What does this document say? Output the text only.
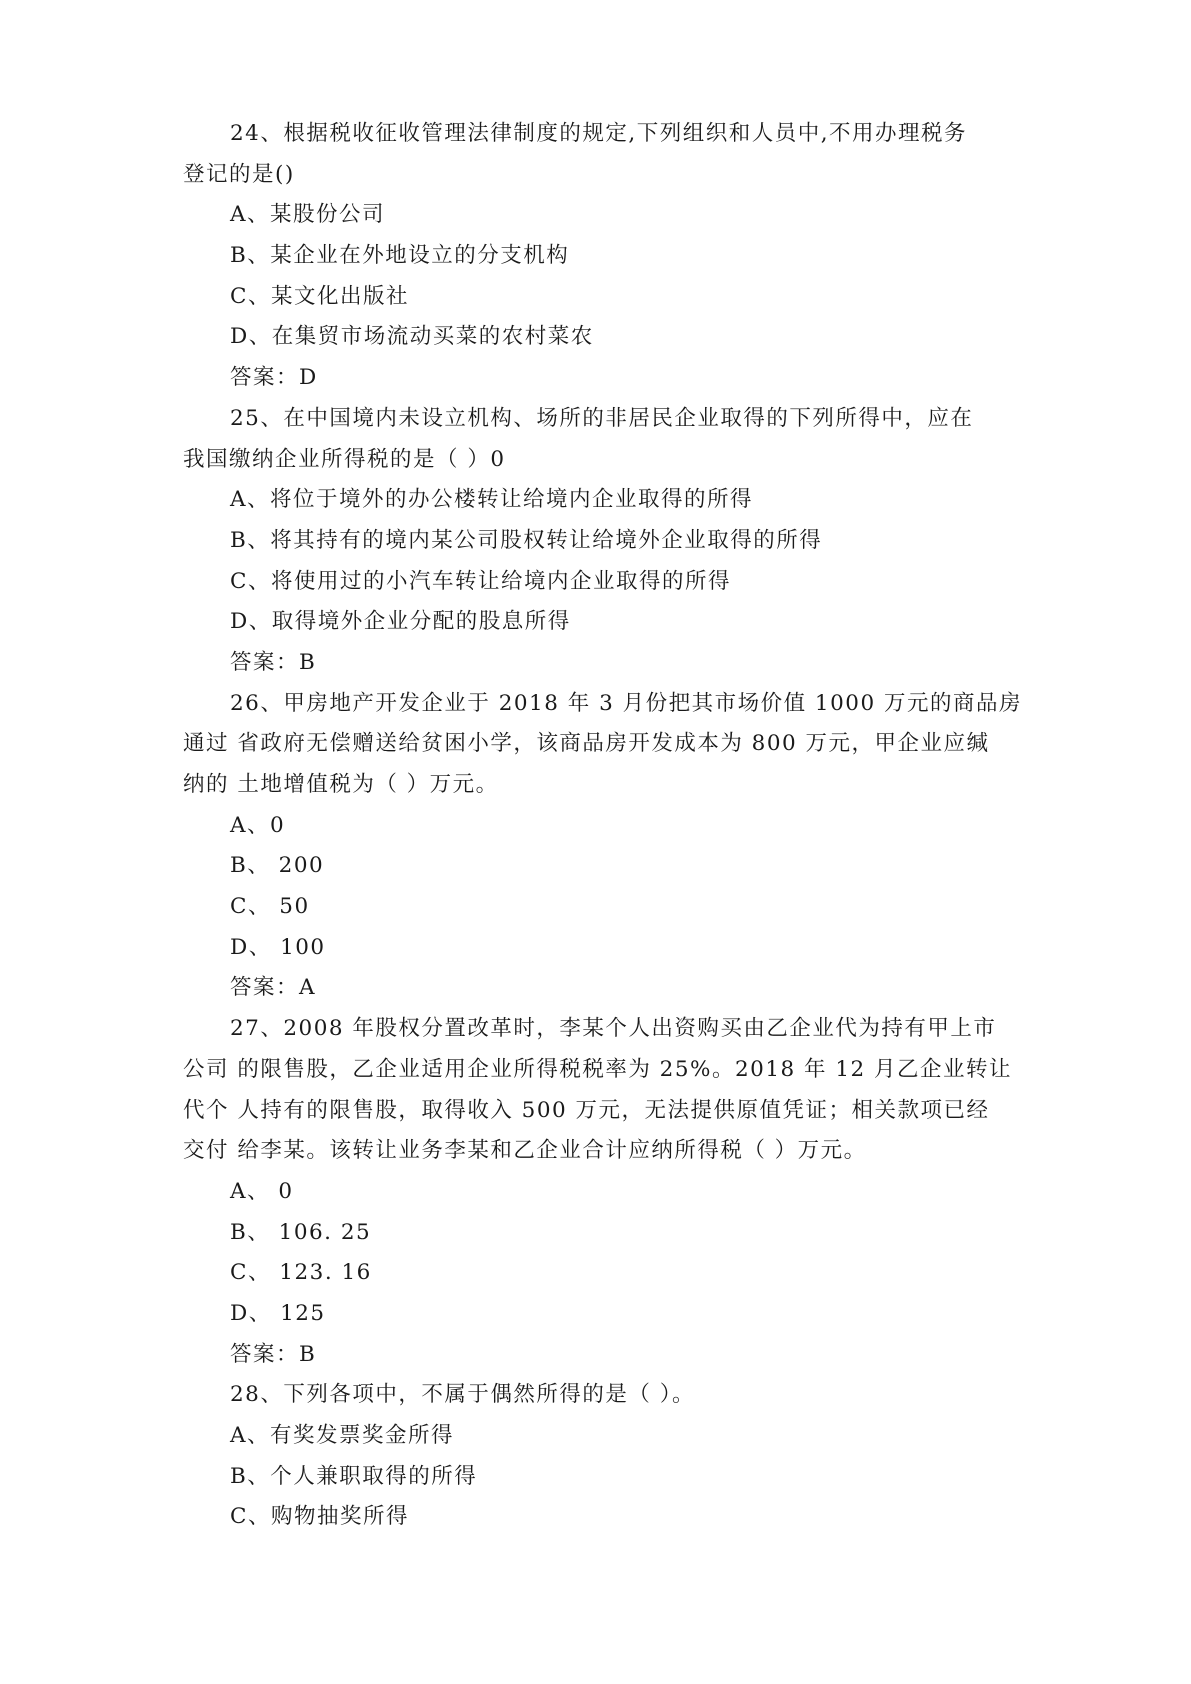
24、根据税收征收管理法律制度的规定,下列组织和人员中,不用办理税务
登记的是()
A、某股份公司
B、某企业在外地设立的分支机构
C、某文化出版社
D、在集贸市场流动买菜的农村菜农
答案：D
25、在中国境内未设立机构、场所的非居民企业取得的下列所得中，应在
我国缴纳企业所得税的是（ ）0
A、将位于境外的办公楼转让给境内企业取得的所得
B、将其持有的境内某公司股权转让给境外企业取得的所得
C、将使用过的小汽车转让给境内企业取得的所得
D、取得境外企业分配的股息所得
答案：B
26、甲房地产开发企业于 2018 年 3 月份把其市场价值 1000 万元的商品房
通过 省政府无偿赠送给贫困小学，该商品房开发成本为 800 万元，甲企业应缄
纳的 土地增值税为（ ）万元。
A、0
B、 200
C、 50
D、 100
答案：A
27、2008 年股权分置改革时，李某个人出资购买由乙企业代为持有甲上市
公司 的限售股，乙企业适用企业所得税税率为 25%。2018 年 12 月乙企业转让
代个 人持有的限售股，取得收入 500 万元，无法提供原值凭证；相关款项已经
交付 给李某。该转让业务李某和乙企业合计应纳所得税（ ）万元。
A、 0
B、 106. 25
C、 123. 16
D、 125
答案：B
28、下列各项中，不属于偶然所得的是（ ）。
A、有奖发票奖金所得
B、个人兼职取得的所得
C、购物抽奖所得
